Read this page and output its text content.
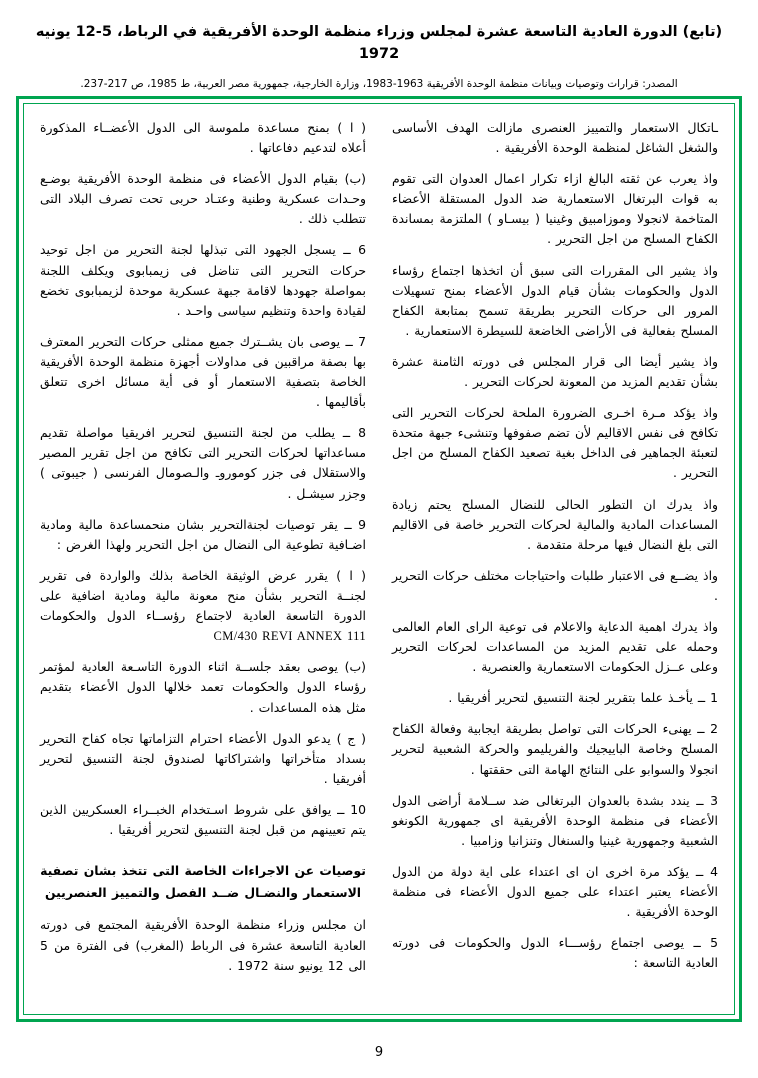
(تابع) الدورة العادية التاسعة عشرة لمجلس وزراء منظمة الوحدة الأفريقية في الرباط، 5-12 يونيه 1972
المصدر: ‏قرارات وتوصيات وبيانات منظمة الوحدة الأفريقية 1963-1983، وزارة الخارجية، جمهورية مصر العربية، ط 1985، ص 217-237.

ـاتكال الاستعمار والتمييز العنصرى مازالت الهدف الأساسى والشغل الشاغل لمنظمة الوحدة الأفريقية .

واذ يعرب عن ثقته البالغ ازاء تكرار اعمال العدوان التى تقوم به قوات البرتغال الاستعمارية ضد الدول المستقلة الأعضاء المتاخمة لانجولا وموزامبيق وغينيا ( بيسـاو ) الملتزمة بمساندة الكفاح المسلح من اجل التحرير .

واذ يشير الى المقررات التى سبق أن اتخذها اجتماع رؤساء الدول والحكومات بشأن قيام الدول الأعضاء بمنح تسهيلات المرور الى حركات التحرير بطريقة تسمح بمتابعة الكفاح المسلح بفعالية فى الأراضى الخاضعة للسيطرة الاستعمارية .

واذ يشير أيضا الى قرار المجلس فى دورته الثامنة عشرة بشأن تقديم المزيد من المعونة لحركات التحرير .

واذ يؤكد مـرة اخـرى الضرورة الملحة لحركات التحرير التى تكافح فى نفس الاقاليم لأن تضم صفوفها وتنشىء جبهة متحدة لتعبئة الجماهير فى الداخل بغية تصعيد الكفاح المسلح من اجل التحرير .

واذ يدرك ان التطور الحالى للنضال المسلح يحتم زيادة المساعدات المادية والمالية لحركات التحرير خاصة فى الاقاليم التى بلغ النضال فيها مرحلة متقدمة .

واذ يضــع فى الاعتبار طلبات واحتياجات مختلف حركات التحرير .

واذ يدرك اهمية الدعاية والاعلام فى توعية الراى العام العالمى وحمله على تقديم المزيد من المساعدات لحركات التحرير وعلى عــزل الحكومات الاستعمارية والعنصرية .

1 ــ يأخـذ علما بتقرير لجنة التنسيق لتحرير أفريقيا .

2 ــ يهنىء الحركات التى تواصل بطريقة ايجابية وفعالة الكفاح المسلح وخاصة الباييجيك والفريليمو والحركة الشعبية لتحرير انجولا والسوابو على النتائج الهامة التى حققتها .

3 ــ يندد بشدة بالعدوان البرتغالى ضد ســلامة أراضى الدول الأعضاء فى منظمة الوحدة الأفريقية اى جمهورية الكونغو الشعبية وجمهورية غينيا والسنغال وتنزانيا وزامبيا .

4 ــ يؤكد مرة اخرى ان اى اعتداء على اية دولة من الدول الأعضاء يعتبر اعتداء على جميع الدول الأعضاء فى منظمة الوحدة الأفريقية .

5 ــ يوصى اجتماع رؤســـاء الدول والحكومات فى دورته العادية التاسعة :

( ا ) بمنح مساعدة ملموسة الى الدول الأعضــاء المذكورة أعلاه لتدعيم دفاعاتها .

(ب) بقيام الدول الأعضاء فى منظمة الوحدة الأفريقية بوضـع وحـدات عسكرية وطنية وعتـاد حربى تحت تصرف البلاد التى تتطلب ذلك .

6 ــ يسجل الجهود التى تبذلها لجنة التحرير من اجل توحيد حركات التحرير التى تناضل فى زيمبابوى ويكلف اللجنة بمواصلة جهودها لاقامة جبهة عسكرية موحدة لزيمبابوى تخضع لقيادة واحدة وتنظيم سياسى واحـد .

7 ــ يوصى بان يشــترك جميع ممثلى حركات التحرير المعترف بها بصفة مراقبين فى مداولات أجهزة منظمة الوحدة الأفريقية الخاصة بتصفية الاستعمار أو فى أية مسائل اخرى تتعلق بأقاليمها .

8 ــ يطلب من لجنة التنسيق لتحرير افريقيا مواصلة تقديم مساعداتها لحركات التحرير التى تكافح من اجل تقرير المصير والاستقلال فى جزر كوموروـ والـصومال الفرنسى ( جيبوتى ) وجزر سيشـل .

9 ــ يقر توصيات لجنةالتحرير بشان منحمساعدة مالية ومادية اضـافية تطوعية الى النضال من اجل التحرير ولهذا الغرض :

( ا ) يقرر عرض الوثيقة الخاصة بذلك والواردة فى تقرير لجنــة التحرير بشأن منح معونة مالية ومادية اضافية على الدورة التاسعة العادية لاجتماع رؤســاء الدول والحكومات CM/430 REVI ANNEX 111

(ب) يوصى بعقد جلســة اثناء الدورة التاسـعة العادية لمؤتمر رؤساء الدول والحكومات تعمد خلالها الدول الأعضاء بتقديم مثل هذه المساعدات .

( ج ) يدعو الدول الأعضاء احترام التزاماتها تجاه كفاح التحرير بسداد متأخراتها واشتراكاتها لصندوق لجنة التنسيق لتحرير أفريقيا .

10 ــ يوافق على شروط اسـتخدام الخبــراء العسكريين الذين يتم تعيينهم من قبل لجنة التنسيق لتحرير أفريقيا .

توصيات عن الاجراءات الخاصة التى تتخذ بشان تصفية الاستعمار والنضـال ضــد الفصل والتمييز العنصريين

ان مجلس وزراء منظمة الوحدة الأفريقية المجتمع فى دورته العادية التاسعة عشرة فى الرباط (المغرب) فى الفترة من 5 الى 12 يونيو سنة 1972 .

9
